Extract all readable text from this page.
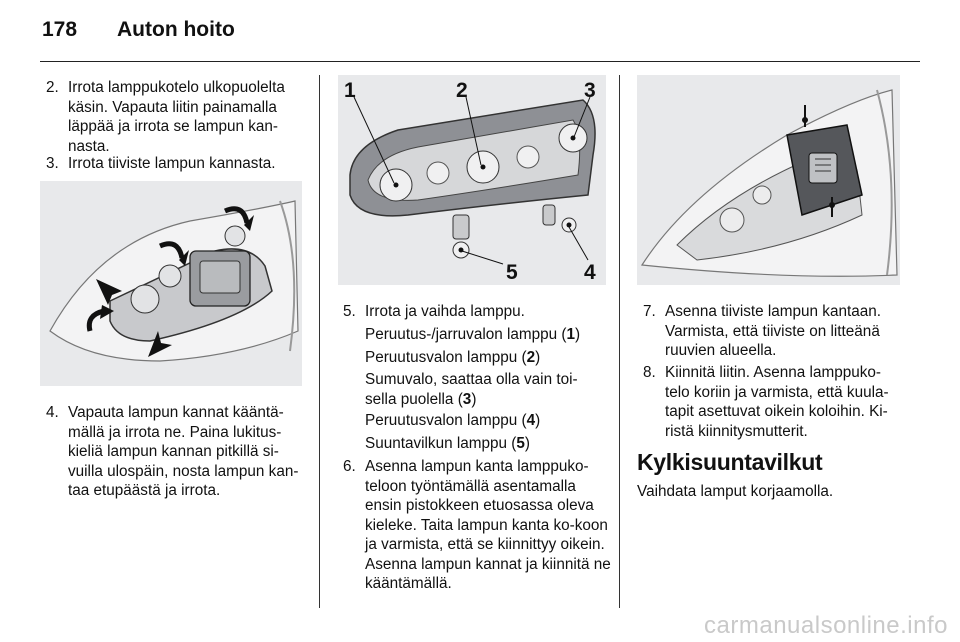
178 Auton hoito
2. Irrota lamppukotelo ulkopuolelta käsin. Vapauta liitin painamalla läppää ja irrota se lampun kan-nasta.
3. Irrota tiiviste lampun kannasta.
4. Vapauta lampun kannat kääntä-mällä ja irrota ne. Paina lukitus-kieliä lampun kannan pitkillä si-vuilla ulospäin, nosta lampun kan-taa etupäästä ja irrota.
1	2	3
4
5
5. Irrota ja vaihda lamppu.
Peruutus-/jarruvalon lamppu (1)
Peruutusvalon lamppu (2)
Sumuvalo, saattaa olla vain toi-sella puolella (3)
Peruutusvalon lamppu (4)
Suuntavilkun lamppu (5)
6. Asenna lampun kanta lamppuko-teloon työntämällä asentamalla ensin pistokkeen etuosassa oleva kieleke. Taita lampun kanta ko-koon ja varmista, että se kiinnittyy oikein. Asenna lampun kannat ja kiinnitä ne kääntämällä.
7. Asenna tiiviste lampun kantaan. Varmista, että tiiviste on litteänä ruuvien alueella.
8. Kiinnitä liitin. Asenna lamppuko-telo koriin ja varmista, että kuula-tapit asettuvat oikein koloihin. Ki-ristä kiinnitysmutterit.
Kylkisuuntavilkut
Vaihdata lamput korjaamolla.
carmanualsonline.info
